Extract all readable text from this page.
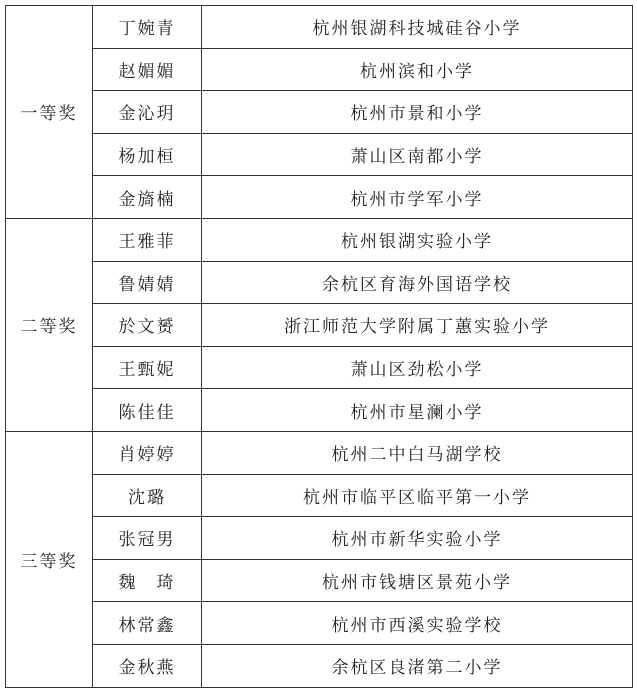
一等奖	丁婉青	杭州银湖科技城硅谷小学
	赵媚媚	杭州滨和小学
	金沁玥	杭州市景和小学
	杨加桓	萧山区南都小学
	金旖楠	杭州市学军小学
二等奖	王雅菲	杭州银湖实验小学
	鲁婧婧	余杭区育海外国语学校
	於文赟	浙江师范大学附属丁蕙实验小学
	王甄妮	萧山区劲松小学
	陈佳佳	杭州市星澜小学
三等奖	肖婷婷	杭州二中白马湖学校
	沈璐	杭州市临平区临平第一小学
	张冠男	杭州市新华实验小学
	魏　琦	杭州市钱塘区景苑小学
	林常鑫	杭州市西溪实验学校
	金秋燕	余杭区良渚第二小学
